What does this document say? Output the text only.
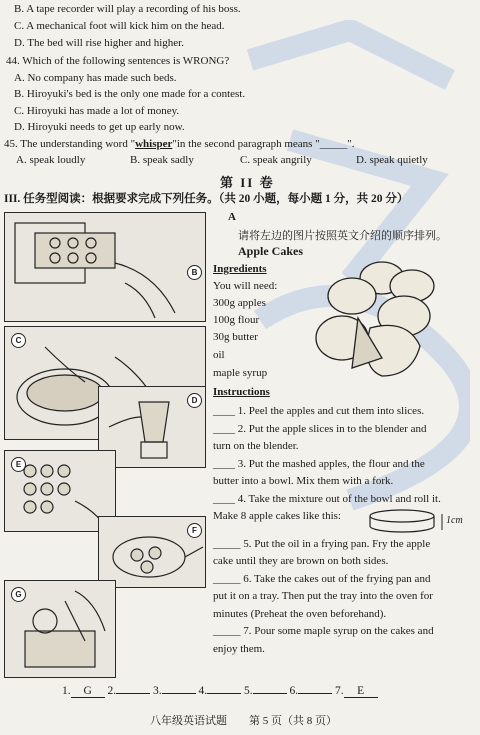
B. A tape recorder will play a recording of his boss.
C. A mechanical foot will kick him on the head.
D. The bed will rise higher and higher.
44. Which of the following sentences is WRONG?
A. No company has made such beds.
B. Hiroyuki's bed is the only one made for a contest.
C. Hiroyuki has made a lot of money.
D. Hiroyuki needs to get up early now.
45. The understanding word "whisper"in the second paragraph means "_____".
A. speak loudly	B. speak sadly	C. speak angrily	D. speak quietly
第 II 卷
III. 任务型阅读：根据要求完成下列任务。（共 20 小题，每小题 1 分，共 20 分）
A
请将左边的图片按照英文介绍的顺序排列。
Apple Cakes
Ingredients
You will need:
300g apples
100g flour
30g butter
oil
maple syrup
Instructions

____ 1. Peel the apples and cut them into slices.

____ 2. Put the apple slices in to the blender and

turn on the blender.

____ 3. Put the mashed apples, the flour and the

butter into a bowl. Mix them with a fork.

____ 4. Take the mixture out of the bowl and roll it.

Make 8 apple cakes like this:

_____ 5. Put the oil in a frying pan. Fry the apple

cake until they are brown on both sides.

_____ 6. Take the cakes out of the frying pan and

put it on a tray. Then put the tray into the oven for

minutes (Preheat the oven beforehand).

_____ 7. Pour some maple syrup on the cakes and

enjoy them.

1cm
B
C
D
E
F
G
1. G 2.	3.	4.	5.	6.	7. E
八年级英语试题　　第 5 页（共 8 页）
